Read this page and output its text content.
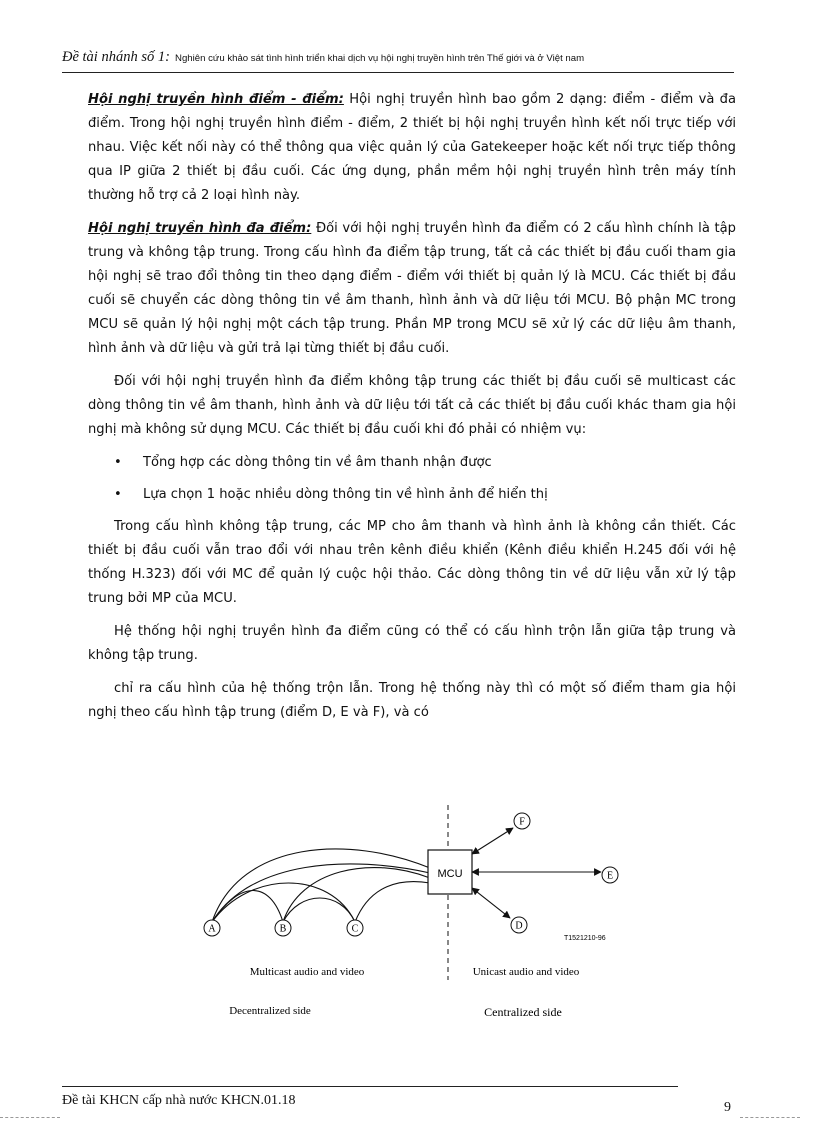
Đề tài nhánh số 1: Nghiên cứu khảo sát tình hình triển khai dịch vụ hội nghị truyền hình trên Thế giới và ở Việt nam

Hội nghị truyền hình điểm - điểm: Hội nghị truyền hình bao gồm 2 dạng: điểm - điểm và đa điểm. Trong hội nghị truyền hình điểm - điểm, 2 thiết bị hội nghị truyền hình kết nối trực tiếp với nhau. Việc kết nối này có thể thông qua việc quản lý của Gatekeeper hoặc kết nối trực tiếp thông qua IP giữa 2 thiết bị đầu cuối. Các ứng dụng, phần mềm hội nghị truyền hình trên máy tính thường hỗ trợ cả 2 loại hình này.

Hội nghị truyền hình đa điểm: Đối với hội nghị truyền hình đa điểm có 2 cấu hình chính là tập trung và không tập trung. Trong cấu hình đa điểm tập trung, tất cả các thiết bị đầu cuối tham gia hội nghị sẽ trao đổi thông tin theo dạng điểm - điểm với thiết bị quản lý là MCU. Các thiết bị đầu cuối sẽ chuyển các dòng thông tin về âm thanh, hình ảnh và dữ liệu tới MCU. Bộ phận MC trong MCU sẽ quản lý hội nghị một cách tập trung. Phần MP trong MCU sẽ xử lý các dữ liệu âm thanh, hình ảnh và dữ liệu và gửi trả lại từng thiết bị đầu cuối.

Đối với hội nghị truyền hình đa điểm không tập trung các thiết bị đầu cuối sẽ multicast các dòng thông tin về âm thanh, hình ảnh và dữ liệu tới tất cả các thiết bị đầu cuối khác tham gia hội nghị mà không sử dụng MCU. Các thiết bị đầu cuối khi đó phải có nhiệm vụ:

• Tổng hợp các dòng thông tin về âm thanh nhận được
• Lựa chọn 1 hoặc nhiều dòng thông tin về hình ảnh để hiển thị

Trong cấu hình không tập trung, các MP cho âm thanh và hình ảnh là không cần thiết. Các thiết bị đầu cuối vẫn trao đổi với nhau trên kênh điều khiển (Kênh điều khiển H.245 đối với hệ thống H.323) đối với MC để quản lý cuộc hội thảo. Các dòng thông tin về dữ liệu vẫn xử lý tập trung bởi MP của MCU.

Hệ thống hội nghị truyền hình đa điểm cũng có thể có cấu hình trộn lẫn giữa tập trung và không tập trung.

chỉ ra cấu hình của hệ thống trộn lẫn. Trong hệ thống này thì có một số điểm tham gia hội nghị theo cấu hình tập trung (điểm D, E và F), và có

MCU
A	B	C	D
E
F
T1521210-96
Multicast audio and video	Unicast audio and video
Decentralized side	Centralized side
Đề tài KHCN cấp nhà nước KHCN.01.18	9
